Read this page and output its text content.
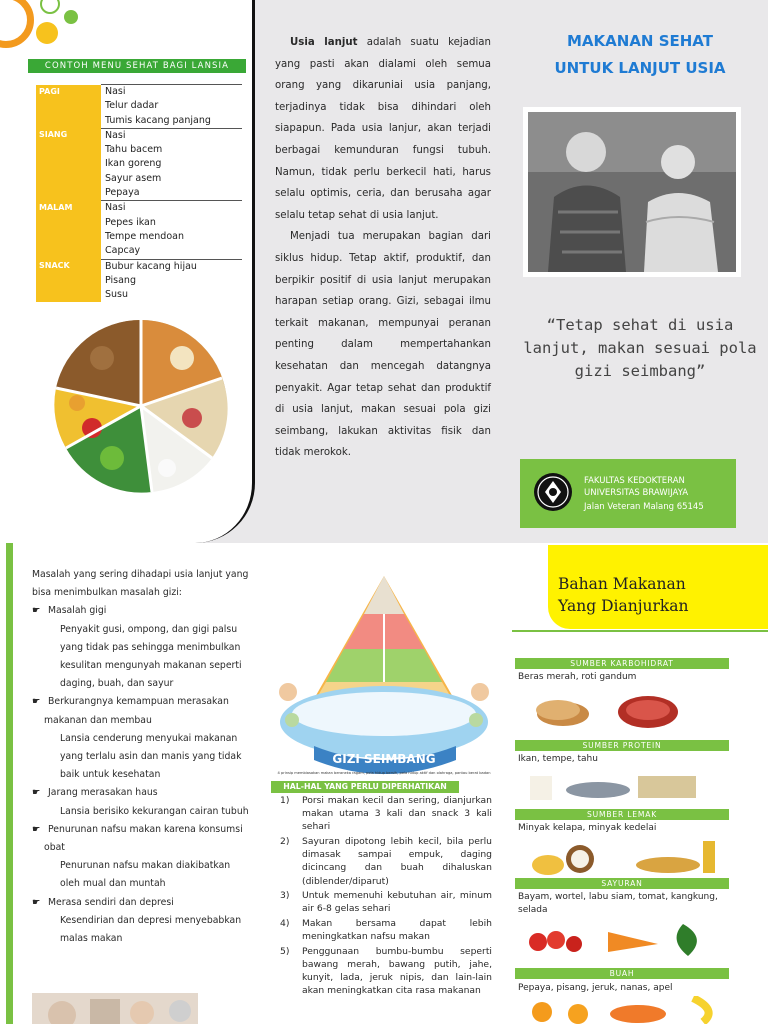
CONTOH MENU SEHAT BAGI LANSIA
PAGI	Nasi
Telur dadar
Tumis kacang panjang

SIANG	Nasi
Tahu bacem
Ikan goreng
Sayur asem
Pepaya

MALAM	Nasi
Pepes ikan
Tempe mendoan
Capcay

SNACK	Bubur kacang hijau
Pisang
Susu

Usia lanjut adalah suatu kejadian yang pasti akan dialami oleh semua orang yang dikaruniai usia panjang, terjadinya tidak bisa dihindari oleh siapapun. Pada usia lanjur, akan terjadi berbagai kemunduran fungsi tubuh. Namun, tidak perlu berkecil hati, harus selalu optimis, ceria, dan berusaha agar selalu tetap sehat di usia lanjut.

Menjadi tua merupakan bagian dari siklus hidup. Tetap aktif, produktif, dan berpikir positif di usia lanjut merupakan harapan setiap orang. Gizi, sebagai ilmu terkait makanan, mempunyai peranan penting dalam mempertahankan kesehatan dan mencegah datangnya penyakit. Agar tetap sehat dan produktif di usia lanjut, makan sesuai pola gizi seimbang, lakukan aktivitas fisik dan tidak merokok.

MAKANAN SEHAT
UNTUK LANJUT USIA
“Tetap sehat di usia lanjut, makan sesuai pola gizi seimbang”
FAKULTAS KEDOKTERAN
UNIVERSITAS BRAWIJAYA
Jalan Veteran Malang 65145

Masalah yang sering dihadapi usia lanjut yang bisa menimbulkan masalah gizi:

☛ Masalah gigi
Penyakit gusi, ompong, dan gigi palsu yang tidak pas sehingga menimbulkan kesulitan mengunyah makanan seperti daging, buah, dan sayur
☛ Berkurangnya kemampuan merasakan makanan dan membau
Lansia cenderung menyukai makanan yang terlalu asin dan manis yang tidak baik untuk kesehatan
☛ Jarang merasakan haus
Lansia berisiko kekurangan cairan tubuh
☛ Penurunan nafsu makan karena konsumsi obat
Penurunan nafsu makan diakibatkan oleh mual dan muntah
☛ Merasa sendiri dan depresi
Kesendirian dan depresi menyebabkan malas makan
GIZI SEIMBANG
4 prinsip membiasakan makan beraneka ragam, pola hidup bersih, pola hidup aktif dan olahraga, pantau berat badan
HAL-HAL YANG PERLU DIPERHATIKAN
1) Porsi makan kecil dan sering, dianjurkan makan utama 3 kali dan snack 3 kali sehari
2) Sayuran dipotong lebih kecil, bila perlu dimasak sampai empuk, daging dicincang dan buah dihaluskan (diblender/diparut)
3) Untuk memenuhi kebutuhan air, minum air 6-8 gelas sehari
4) Makan bersama dapat lebih meningkatkan nafsu makan
5) Penggunaan bumbu-bumbu seperti bawang merah, bawang putih, jahe, kunyit, lada, jeruk nipis, dan lain-lain akan meningkatkan cita rasa makanan
Bahan Makanan
Yang Dianjurkan
SUMBER KARBOHIDRAT
Beras merah, roti gandum
SUMBER PROTEIN
Ikan, tempe, tahu
SUMBER LEMAK
Minyak kelapa, minyak kedelai
SAYURAN
Bayam, wortel, labu siam, tomat, kangkung, selada
BUAH
Pepaya, pisang, jeruk, nanas, apel
